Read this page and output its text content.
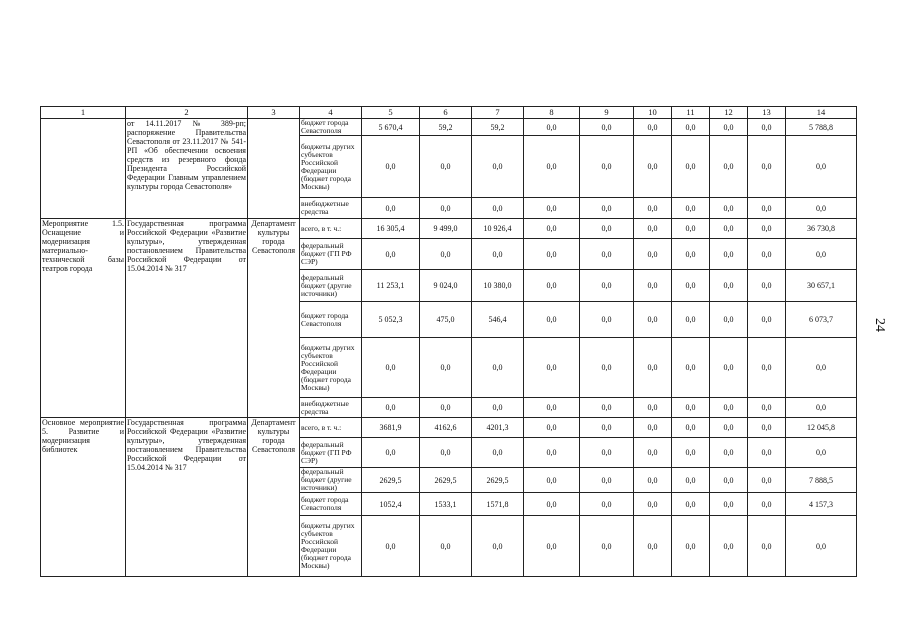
1	2	3	4	5	6	7	8	9	10	11	12	13	14
	от 14.11.2017 № 389-рп; распоряжение Правительства Севастополя от 23.11.2017 № 541-РП «Об обеспечении освоения средств из резервного фонда Президента Российской Федерации Главным управлением культуры города Севастополя»		бюджет города Севастополя	5 670,4	59,2	59,2	0,0	0,0	0,0	0,0	0,0	0,0	5 788,8
			бюджеты других субъектов Российской Федерации (бюджет города Москвы)	0,0	0,0	0,0	0,0	0,0	0,0	0,0	0,0	0,0	0,0
			внебюджетные средства	0,0	0,0	0,0	0,0	0,0	0,0	0,0	0,0	0,0	0,0
Мероприятие 1.5. Оснащение и модернизация материально-технической базы театров города	Государственная программа Российской Федерации «Развитие культуры», утвержденная постановлением Правительства Российской Федерации от 15.04.2014 № 317	Департамент культуры города Севастополя	всего, в т. ч.:	16 305,4	9 499,0	10 926,4	0,0	0,0	0,0	0,0	0,0	0,0	36 730,8
			федеральный бюджет (ГП РФ СЭР)	0,0	0,0	0,0	0,0	0,0	0,0	0,0	0,0	0,0	0,0
			федеральный бюджет (другие источники)	11 253,1	9 024,0	10 380,0	0,0	0,0	0,0	0,0	0,0	0,0	30 657,1
			бюджет города Севастополя	5 052,3	475,0	546,4	0,0	0,0	0,0	0,0	0,0	0,0	6 073,7
			бюджеты других субъектов Российской Федерации (бюджет города Москвы)	0,0	0,0	0,0	0,0	0,0	0,0	0,0	0,0	0,0	0,0
			внебюджетные средства	0,0	0,0	0,0	0,0	0,0	0,0	0,0	0,0	0,0	0,0
Основное мероприятие 5. Развитие и модернизация библиотек	Государственная программа Российской Федерации «Развитие культуры», утвержденная постановлением Правительства Российской Федерации от 15.04.2014 № 317	Департамент культуры города Севастополя	всего, в т. ч.:	3681,9	4162,6	4201,3	0,0	0,0	0,0	0,0	0,0	0,0	12 045,8
			федеральный бюджет (ГП РФ СЭР)	0,0	0,0	0,0	0,0	0,0	0,0	0,0	0,0	0,0	0,0
			федеральный бюджет (другие источники)	2629,5	2629,5	2629,5	0,0	0,0	0,0	0,0	0,0	0,0	7 888,5
			бюджет города Севастополя	1052,4	1533,1	1571,8	0,0	0,0	0,0	0,0	0,0	0,0	4 157,3
			бюджеты других субъектов Российской Федерации (бюджет города Москвы)	0,0	0,0	0,0	0,0	0,0	0,0	0,0	0,0	0,0	0,0
24
